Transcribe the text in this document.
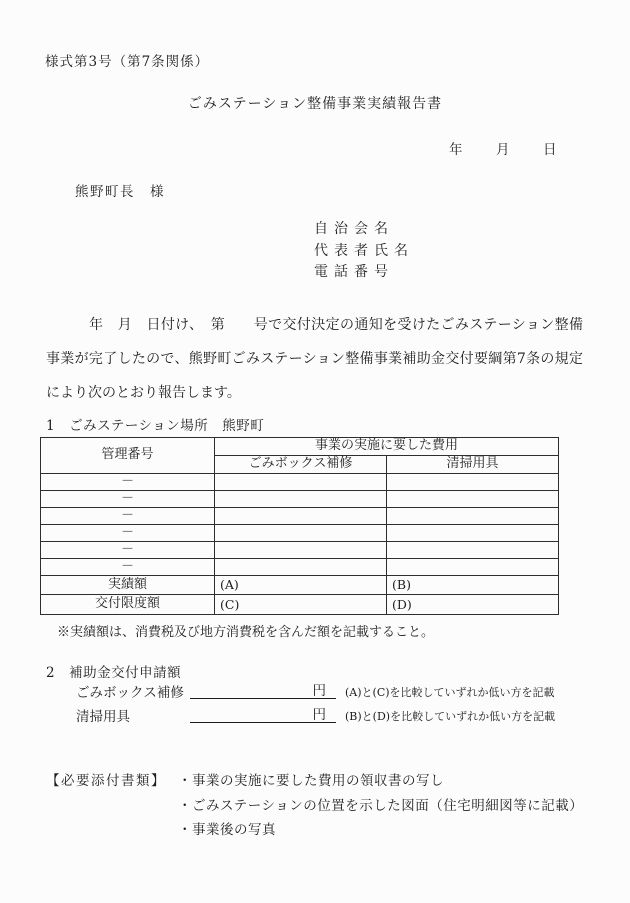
様式第3号（第7条関係）
ごみステーション整備事業実績報告書
年　月　日
熊野町長　様
自治会名
代表者氏名
電話番号
年　月　日付け、　第　　号で交付決定の通知を受けたごみステーション整備
事業が完了したので、熊野町ごみステーション整備事業補助金交付要綱第7条の規定
により次のとおり報告します。
1　ごみステーション場所　熊野町
管理番号	事業の実施に要した費用	
	ごみボックス補修	清掃用具
－		
－		
－		
－		
－		
－		
実績額	(A)	(B)
交付限度額	(C)	(D)
※実績額は、消費税及び地方消費税を含んだ額を記載すること。
2　補助金交付申請額
ごみボックス補修	円	(A)と(C)を比較していずれか低い方を記載
清掃用具	円	(B)と(D)を比較していずれか低い方を記載
【必要添付書類】 ・事業の実施に要した費用の領収書の写し
・ごみステーションの位置を示した図面（住宅明細図等に記載）
・事業後の写真
